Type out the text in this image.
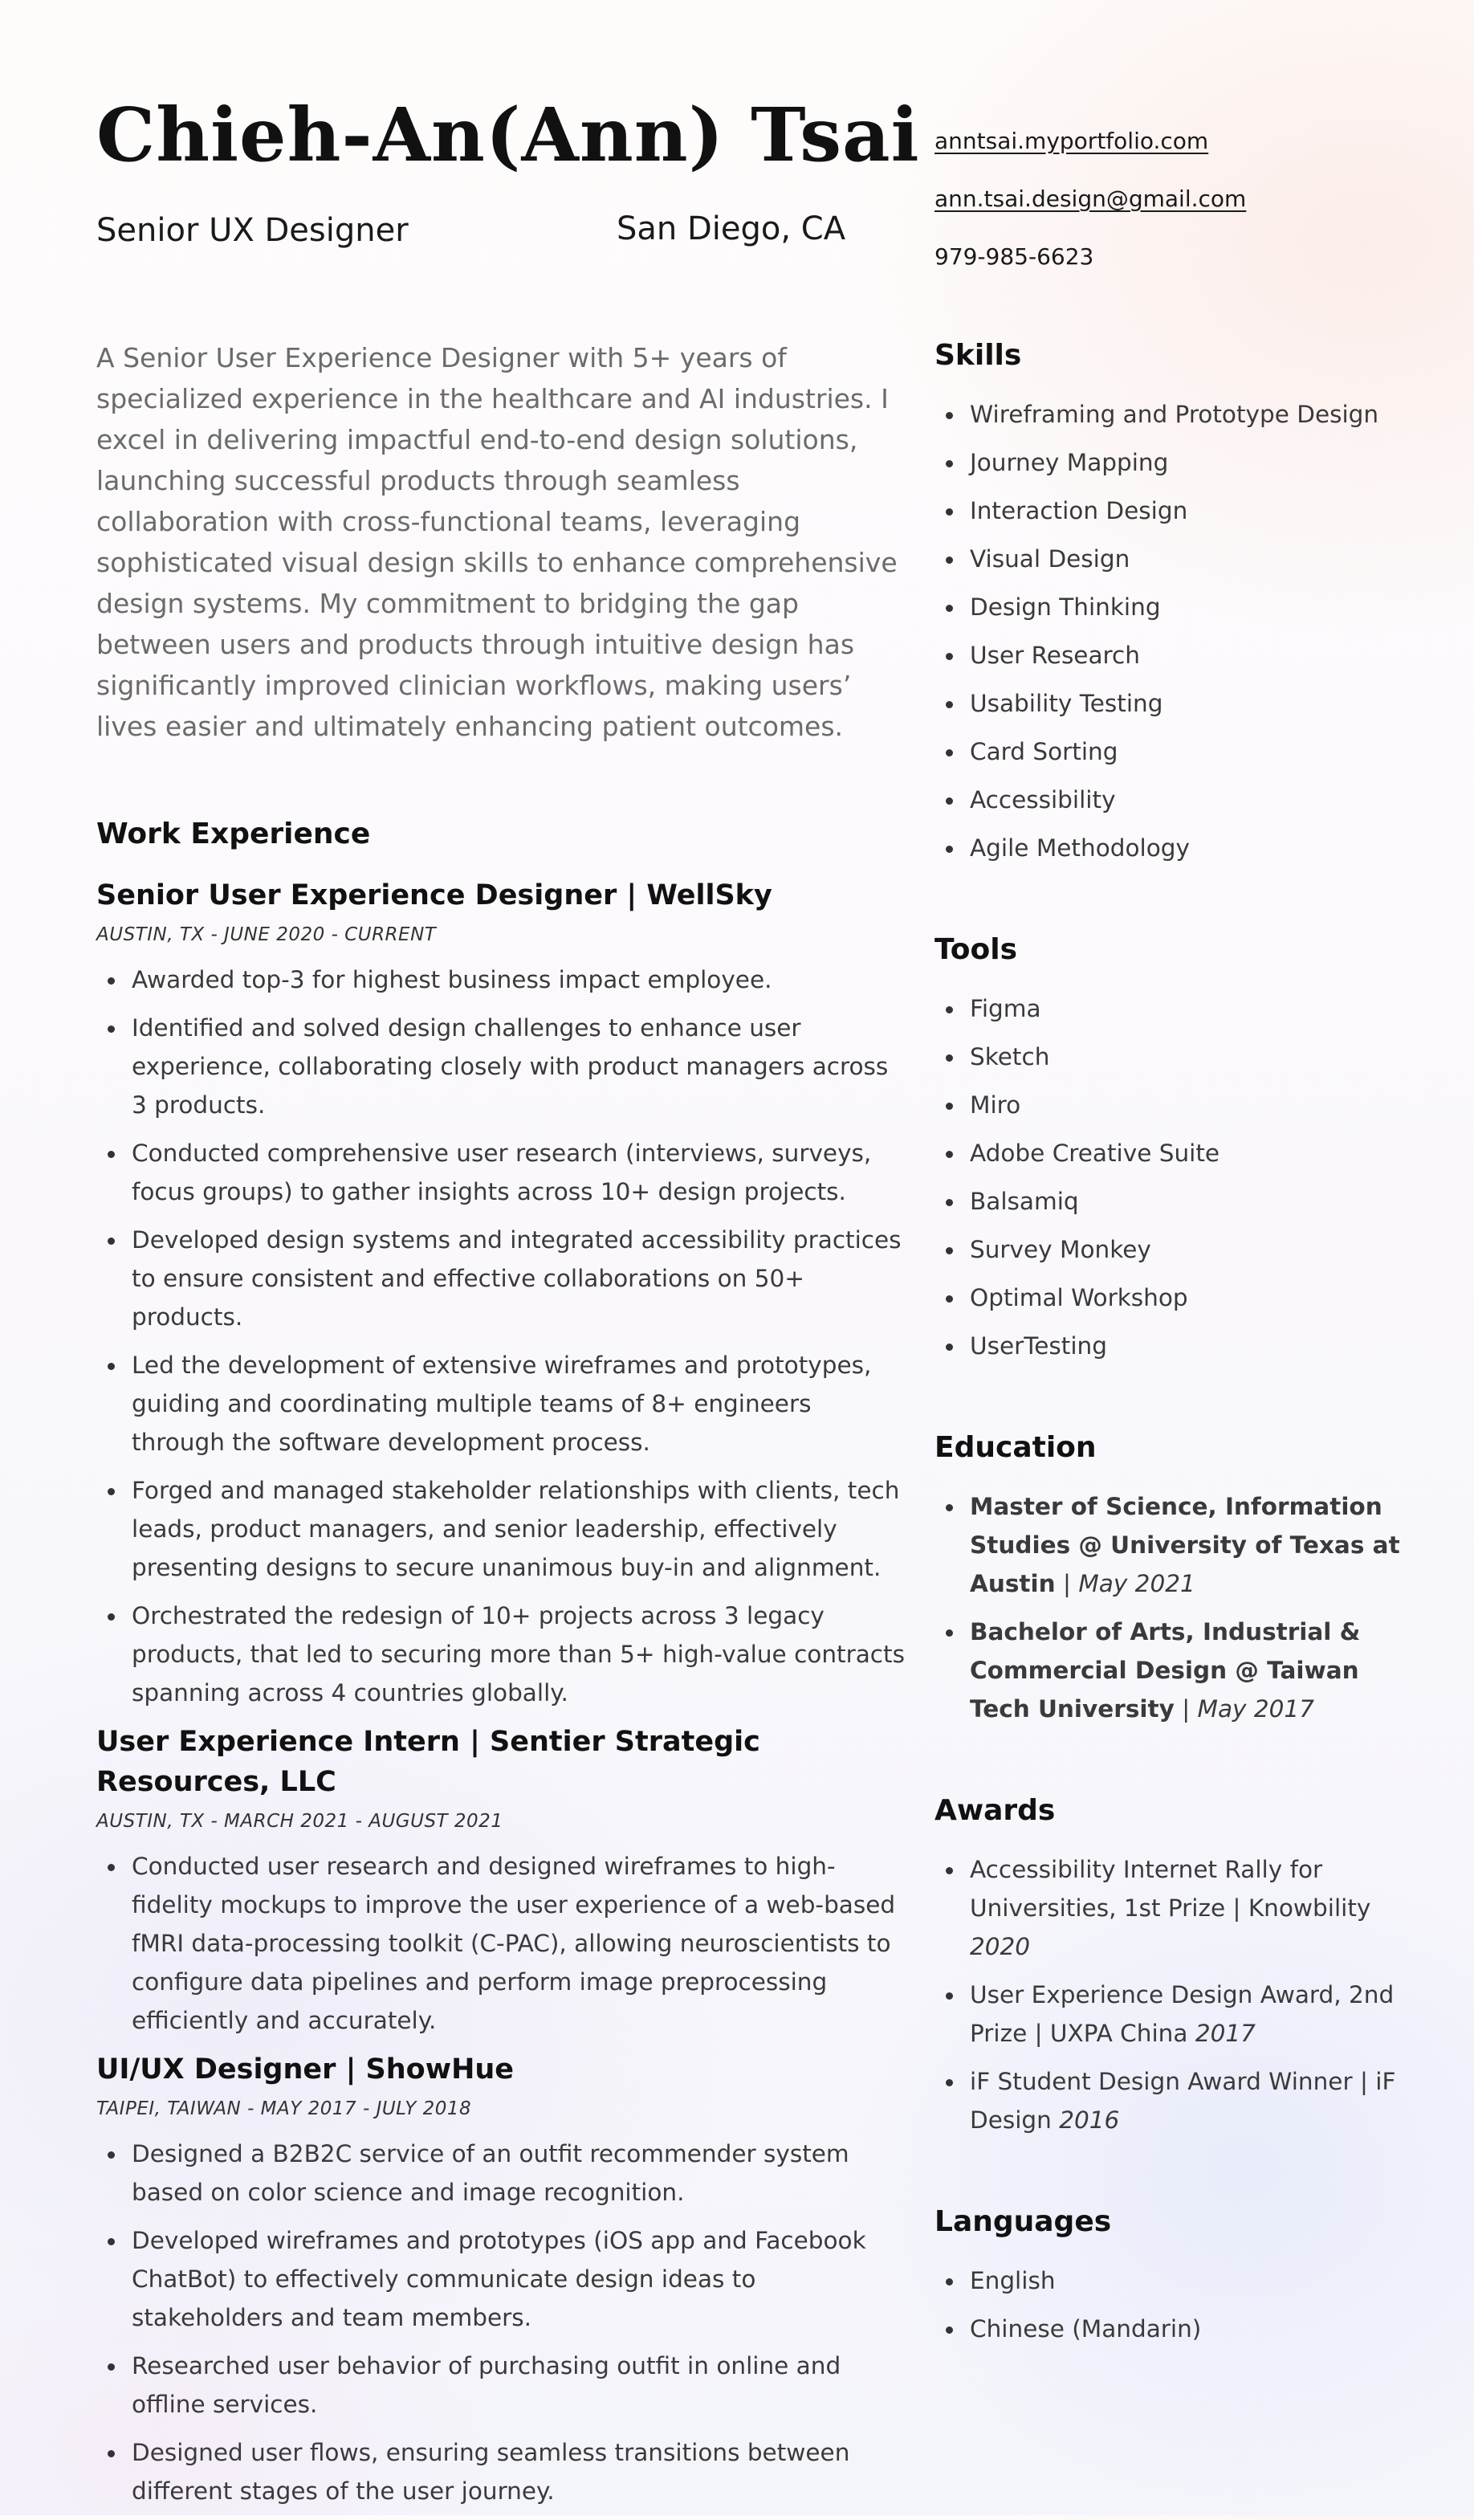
Chieh-An(Ann) Tsai
Senior UX Designer	San Diego, CA
anntsai.myportfolio.com
ann.tsai.design@gmail.com
979-985-6623

A Senior User Experience Designer with 5+ years of specialized experience in the healthcare and AI industries. I excel in delivering impactful end-to-end design solutions, launching successful products through seamless collaboration with cross-functional teams, leveraging sophisticated visual design skills to enhance comprehensive design systems. My commitment to bridging the gap between users and products through intuitive design has significantly improved clinician workflows, making users’ lives easier and ultimately enhancing patient outcomes.

Work Experience
Senior User Experience Designer | WellSky
AUSTIN, TX - JUNE 2020 - CURRENT
Awarded top-3 for highest business impact employee.
Identified and solved design challenges to enhance user experience, collaborating closely with product managers across 3 products.
Conducted comprehensive user research (interviews, surveys, focus groups) to gather insights across 10+ design projects.
Developed design systems and integrated accessibility practices to ensure consistent and effective collaborations on 50+ products.
Led the development of extensive wireframes and prototypes, guiding and coordinating multiple teams of 8+ engineers through the software development process.
Forged and managed stakeholder relationships with clients, tech leads, product managers, and senior leadership, effectively presenting designs to secure unanimous buy-in and alignment.
Orchestrated the redesign of 10+ projects across 3 legacy products, that led to securing more than 5+ high-value contracts spanning across 4 countries globally.
User Experience Intern | Sentier Strategic Resources, LLC
AUSTIN, TX - MARCH 2021 - AUGUST 2021
Conducted user research and designed wireframes to high-fidelity mockups to improve the user experience of a web-based fMRI data-processing toolkit (C-PAC), allowing neuroscientists to configure data pipelines and perform image preprocessing efficiently and accurately.
UI/UX Designer | ShowHue
TAIPEI, TAIWAN - MAY 2017 - JULY 2018
Designed a B2B2C service of an outfit recommender system based on color science and image recognition.
Developed wireframes and prototypes (iOS app and Facebook ChatBot) to effectively communicate design ideas to stakeholders and team members.
Researched user behavior of purchasing outfit in online and offline services.
Designed user flows, ensuring seamless transitions between different stages of the user journey.
Skills
Wireframing and Prototype Design
Journey Mapping
Interaction Design
Visual Design
Design Thinking
User Research
Usability Testing
Card Sorting
Accessibility
Agile Methodology
Tools
Figma
Sketch
Miro
Adobe Creative Suite
Balsamiq
Survey Monkey
Optimal Workshop
UserTesting
Education
Master of Science, Information Studies @ University of Texas at Austin | May 2021
Bachelor of Arts, Industrial & Commercial Design @ Taiwan Tech University | May 2017
Awards
Accessibility Internet Rally for Universities, 1st Prize | Knowbility 2020
User Experience Design Award, 2nd Prize | UXPA China 2017
iF Student Design Award Winner | iF Design 2016
Languages
English
Chinese (Mandarin)
